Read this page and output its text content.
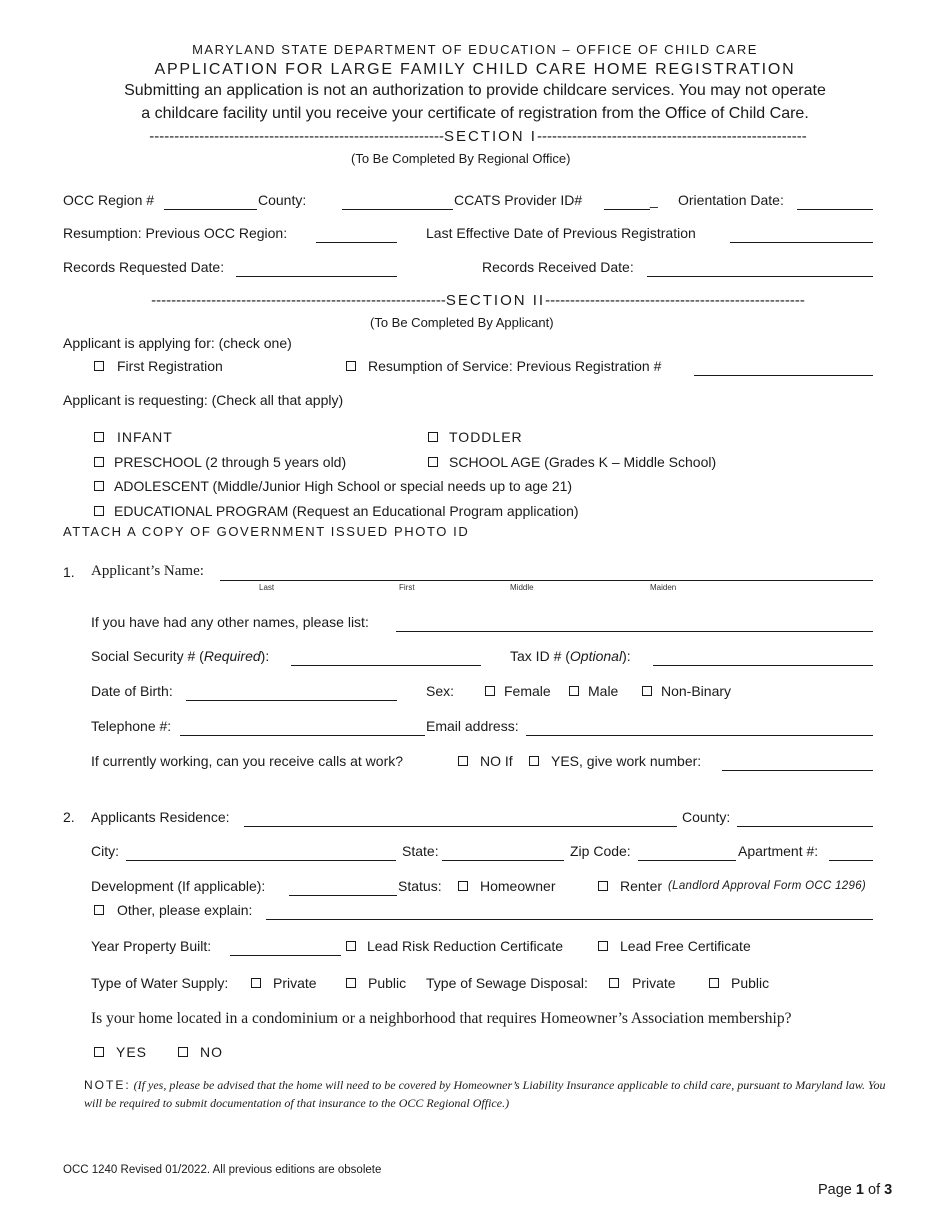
MARYLAND STATE DEPARTMENT OF EDUCATION – OFFICE OF CHILD CARE
APPLICATION FOR LARGE FAMILY CHILD CARE HOME REGISTRATION
Submitting an application is not an authorization to provide childcare services. You may not operate
a childcare facility until you receive your certificate of registration from the Office of Child Care.
-----------------------------------------------------------SECTION I------------------------------------------------------
(To Be Completed By Regional Office)
OCC Region #	County:	CCATS Provider ID#	_ Orientation Date:
Resumption: Previous OCC Region:	Last Effective Date of Previous Registration
Records Requested Date:	Records Received Date:
-----------------------------------------------------------SECTION II----------------------------------------------------
(To Be Completed By Applicant)
Applicant is applying for: (check one)
First Registration	Resumption of Service: Previous Registration #
Applicant is requesting: (Check all that apply)
INFANT	TODDLER
PRESCHOOL (2 through 5 years old)	SCHOOL AGE (Grades K – Middle School)
ADOLESCENT (Middle/Junior High School or special needs up to age 21)
EDUCATIONAL PROGRAM (Request an Educational Program application)
ATTACH A COPY OF GOVERNMENT ISSUED PHOTO ID
1. Applicant’s Name:
Last	First	Middle	Maiden
If you have had any other names, please list:
Social Security # (Required):	Tax ID # (Optional):
Date of Birth:	Sex:	Female	Male	Non-Binary
Telephone #:	Email address:
If currently working, can you receive calls at work?	NO If	YES, give work number:
2. Applicants Residence:	County:
City:	State:	Zip Code:	Apartment #:
Development (If applicable):	Status:	Homeowner	Renter (Landlord Approval Form OCC 1296)
Other, please explain:
Year Property Built:	Lead Risk Reduction Certificate	Lead Free Certificate
Type of Water Supply:	Private	Public Type of Sewage Disposal:	Private	Public
Is your home located in a condominium or a neighborhood that requires Homeowner’s Association membership?
YES	NO
NOTE: (If yes, please be advised that the home will need to be covered by Homeowner’s Liability Insurance applicable to child care, pursuant to Maryland law. You will be required to submit documentation of that insurance to the OCC Regional Office.)
OCC 1240 Revised 01/2022. All previous editions are obsolete
Page 1 of 3
